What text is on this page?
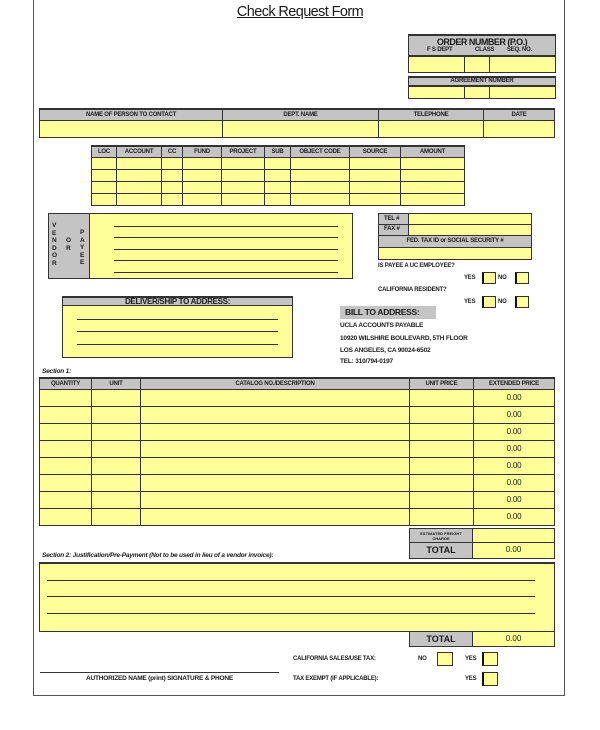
Check Request Form
ORDER NUMBER (P.O.)
F S DEPT	CLASS SEQ. NO.
AGREEMENT NUMBER
NAME OF PERSON TO CONTACT	DEPT. NAME	TELEPHONE	DATE

LOC	ACCOUNT	CC	FUND	PROJECT	SUB	OBJECT CODE	SOURCE	AMOUNT

VENDOR
OR
PAYEE
TEL #
FAX #
FED. TAX ID or SOCIAL SECURITY #
IS PAYEE A UC EMPLOYEE?
YES	NO
CALIFORNIA RESIDENT?
YES	NO
DELIVER/SHIP TO ADDRESS:
BILL TO ADDRESS:
UCLA ACCOUNTS PAYABLE
10920 WILSHIRE BOULEVARD, 5TH FLOOR
LOS ANGELES, CA 90024-6502
TEL: 310/794-0197
Section 1:
QUANTITY	UNIT	CATALOG NO./DESCRIPTION	UNIT PRICE	EXTENDED PRICE
				0.00
				0.00
				0.00
				0.00
				0.00
				0.00
				0.00
				0.00
ESTIMATED FREIGHT CHARGE
TOTAL	0.00
Section 2: Justification/Pre-Payment (Not to be used in lieu of a vendor invoice):
TOTAL	0.00
AUTHORIZED NAME (print) SIGNATURE & PHONE
CALIFORNIA SALES/USE TAX:	NO	YES
TAX EXEMPT (IF APPLICABLE):	YES
